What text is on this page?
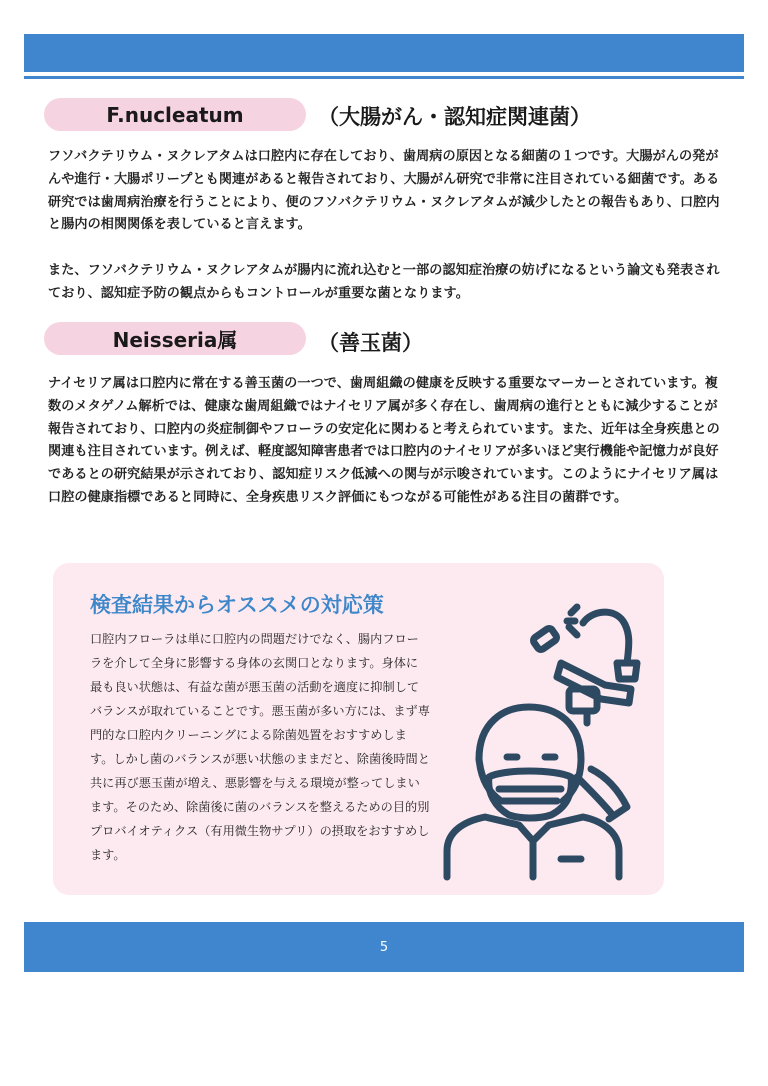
F.nucleatum	（大腸がん・認知症関連菌）

フソバクテリウム・ヌクレアタムは口腔内に存在しており、歯周病の原因となる細菌の１つです。大腸がんの発がんや進行・大腸ポリープとも関連があると報告されており、大腸がん研究で非常に注目されている細菌です。ある研究では歯周病治療を行うことにより、便のフソバクテリウム・ヌクレアタムが減少したとの報告もあり、口腔内と腸内の相関関係を表していると言えます。

また、フソバクテリウム・ヌクレアタムが腸内に流れ込むと一部の認知症治療の妨げになるという論文も発表されており、認知症予防の観点からもコントロールが重要な菌となります。

Neisseria属	（善玉菌）

ナイセリア属は口腔内に常在する善玉菌の一つで、歯周組織の健康を反映する重要なマーカーとされています。複数のメタゲノム解析では、健康な歯周組織ではナイセリア属が多く存在し、歯周病の進行とともに減少することが報告されており、口腔内の炎症制御やフローラの安定化に関わると考えられています。また、近年は全身疾患との関連も注目されています。例えば、軽度認知障害患者では口腔内のナイセリアが多いほど実行機能や記憶力が良好であるとの研究結果が示されており、認知症リスク低減への関与が示唆されています。このようにナイセリア属は口腔の健康指標であると同時に、全身疾患リスク評価にもつながる可能性がある注目の菌群です。

検査結果からオススメの対応策

口腔内フローラは単に口腔内の問題だけでなく、腸内フローラを介して全身に影響する身体の玄関口となります。身体に最も良い状態は、有益な菌が悪玉菌の活動を適度に抑制してバランスが取れていることです。悪玉菌が多い方には、まず専門的な口腔内クリーニングによる除菌処置をおすすめします。しかし菌のバランスが悪い状態のままだと、除菌後時間と共に再び悪玉菌が増え、悪影響を与える環境が整ってしまいます。そのため、除菌後に菌のバランスを整えるための目的別プロバイオティクス（有用微生物サプリ）の摂取をおすすめします。

5
